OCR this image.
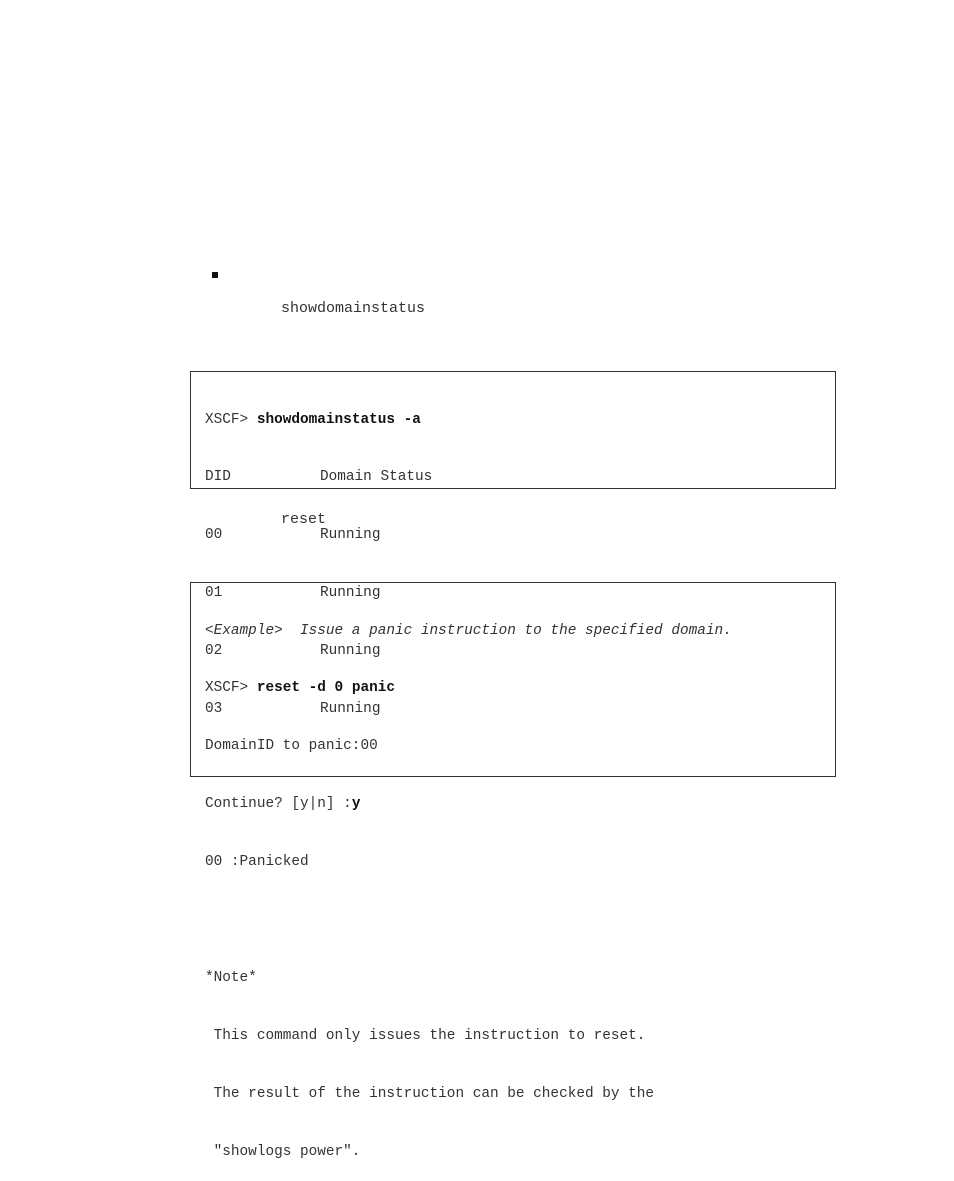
showdomainstatus

XSCF> showdomainstatus -a

DID	Domain Status

00	Running

01	Running

02	Running

03	Running

reset

<Example>  Issue a panic instruction to the specified domain.

XSCF> reset -d 0 panic

DomainID to panic:00

Continue? [y|n] :y

00 :Panicked

*Note*

This command only issues the instruction to reset.

The result of the instruction can be checked by the

"showlogs power".
